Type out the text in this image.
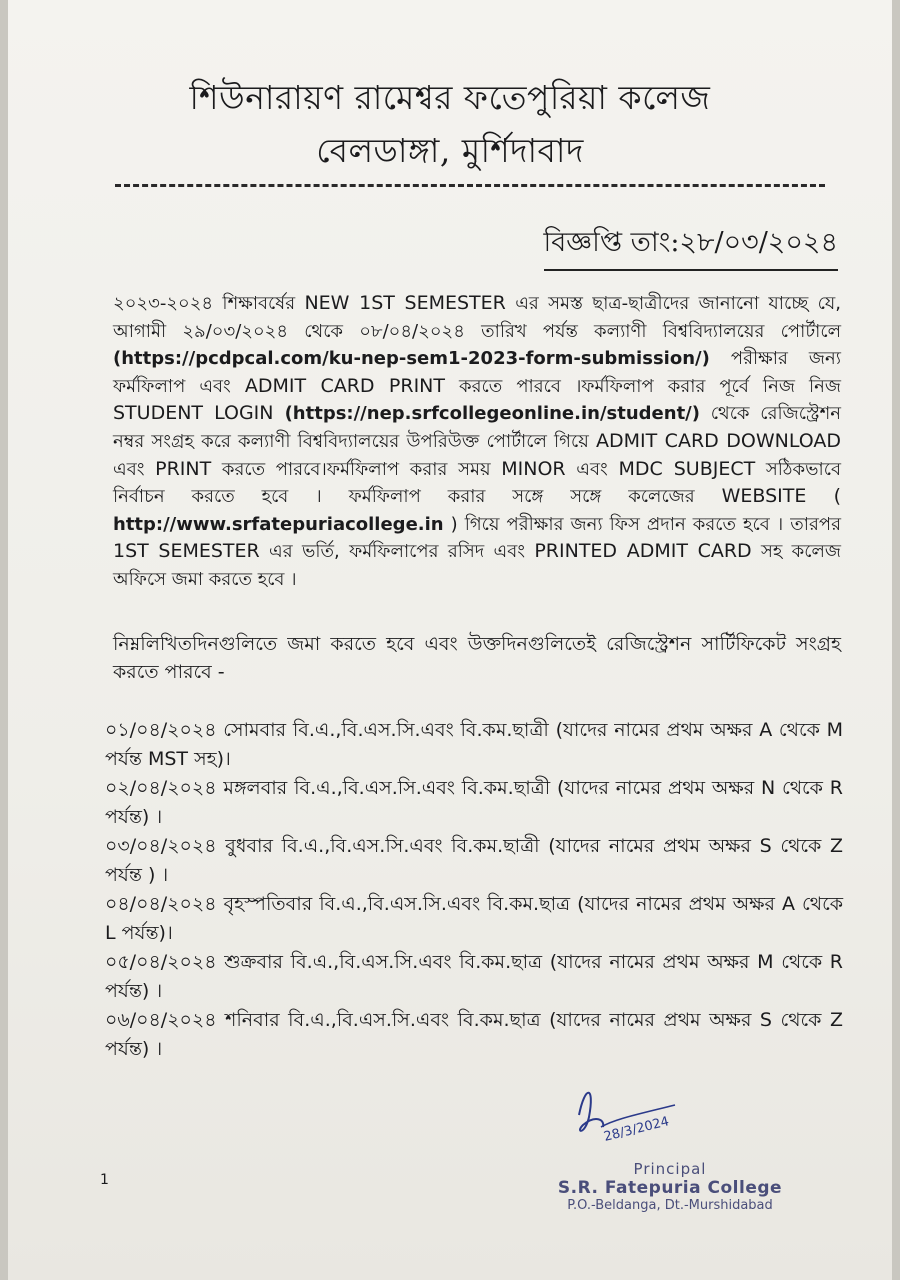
শিউনারায়ণ রামেশ্বর ফতেপুরিয়া কলেজ
বেলডাঙ্গা, মুর্শিদাবাদ
বিজ্ঞপ্তি তাং:২৮/০৩/২০২৪
২০২৩-২০২৪ শিক্ষাবর্ষের NEW 1ST SEMESTER এর সমস্ত ছাত্র-ছাত্রীদের জানানো যাচ্ছে যে, আগামী ২৯/০৩/২০২৪ থেকে ০৮/০৪/২০২৪ তারিখ পর্যন্ত কল্যাণী বিশ্ববিদ্যালয়ের পোর্টালে (https://pcdpcal.com/ku-nep-sem1-2023-form-submission/) পরীক্ষার জন্য ফর্মফিলাপ এবং ADMIT CARD PRINT করতে পারবে ।ফর্মফিলাপ করার পূর্বে নিজ নিজ STUDENT LOGIN (https://nep.srfcollegeonline.in/student/) থেকে রেজিস্ট্রেশন নম্বর সংগ্রহ করে কল্যাণী বিশ্ববিদ্যালয়ের উপরিউক্ত পোর্টালে গিয়ে ADMIT CARD DOWNLOAD এবং PRINT করতে পারবে।ফর্মফিলাপ করার সময় MINOR এবং MDC SUBJECT সঠিকভাবে নির্বাচন করতে হবে । ফর্মফিলাপ করার সঙ্গে সঙ্গে কলেজের WEBSITE ( http://www.srfatepuriacollege.in ) গিয়ে পরীক্ষার জন্য ফিস প্রদান করতে হবে । তারপর 1ST SEMESTER এর ভর্তি, ফর্মফিলাপের রসিদ এবং PRINTED ADMIT CARD সহ কলেজ অফিসে জমা করতে হবে ।
নিম্নলিখিতদিনগুলিতে জমা করতে হবে এবং উক্তদিনগুলিতেই রেজিস্ট্রেশন সার্টিফিকেট সংগ্রহ করতে পারবে -
০১/০৪/২০২৪ সোমবার বি.এ.,বি.এস.সি.এবং বি.কম.ছাত্রী (যাদের নামের প্রথম অক্ষর A থেকে M পর্যন্ত MST সহ)।
০২/০৪/২০২৪ মঙ্গলবার বি.এ.,বি.এস.সি.এবং বি.কম.ছাত্রী (যাদের নামের প্রথম অক্ষর N থেকে R পর্যন্ত) ।
০৩/০৪/২০২৪ বুধবার বি.এ.,বি.এস.সি.এবং বি.কম.ছাত্রী (যাদের নামের প্রথম অক্ষর S থেকে Z পর্যন্ত ) ।
০৪/০৪/২০২৪ বৃহস্পতিবার বি.এ.,বি.এস.সি.এবং বি.কম.ছাত্র (যাদের নামের প্রথম অক্ষর A থেকে L পর্যন্ত)।
০৫/০৪/২০২৪ শুক্রবার বি.এ.,বি.এস.সি.এবং বি.কম.ছাত্র (যাদের নামের প্রথম অক্ষর M থেকে R পর্যন্ত) ।
০৬/০৪/২০২৪ শনিবার বি.এ.,বি.এস.সি.এবং বি.কম.ছাত্র (যাদের নামের প্রথম অক্ষর S থেকে Z পর্যন্ত) ।
28/3/2024
1
Principal
S.R. Fatepuria College
P.O.-Beldanga, Dt.-Murshidabad
